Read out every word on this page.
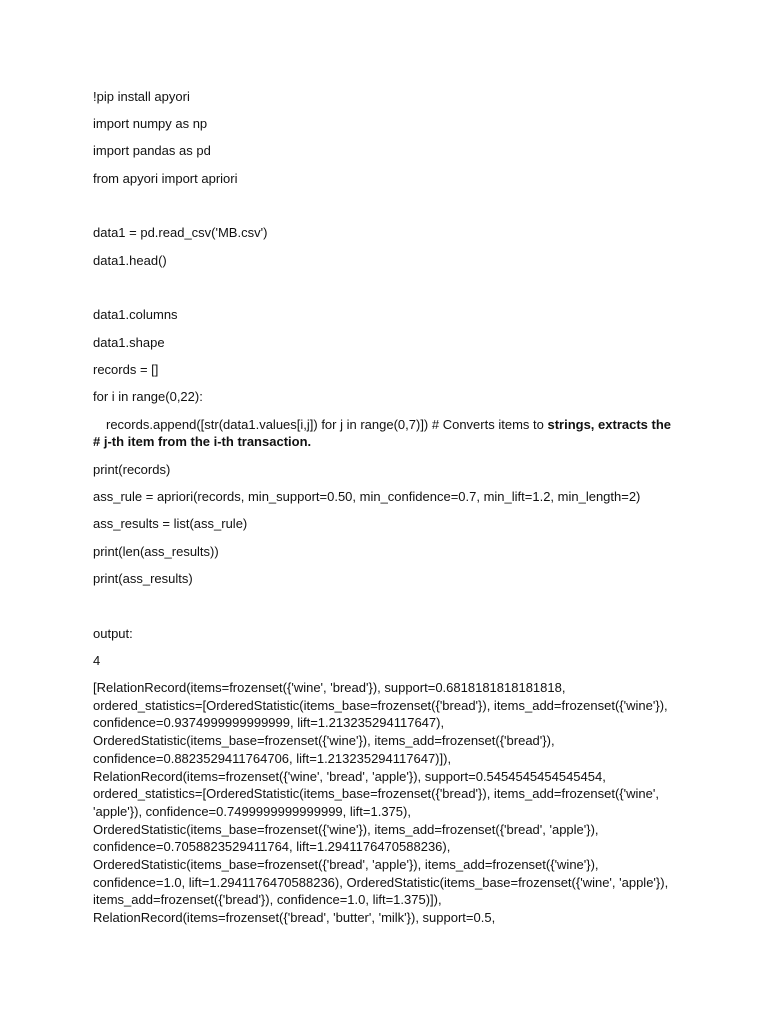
!pip install apyori
import numpy as np
import pandas as pd
from apyori import apriori
data1 = pd.read_csv('MB.csv')
data1.head()
data1.columns
data1.shape
records = []
for i in range(0,22):
records.append([str(data1.values[i,j]) for j in range(0,7)]) # Converts items to strings, extracts the
# j-th item from the i-th transaction.
print(records)
ass_rule = apriori(records, min_support=0.50, min_confidence=0.7, min_lift=1.2, min_length=2)
ass_results = list(ass_rule)
print(len(ass_results))
print(ass_results)
output:
4

[RelationRecord(items=frozenset({'wine', 'bread'}), support=0.6818181818181818,

ordered_statistics=[OrderedStatistic(items_base=frozenset({'bread'}), items_add=frozenset({'wine'}),

confidence=0.9374999999999999, lift=1.213235294117647),

OrderedStatistic(items_base=frozenset({'wine'}), items_add=frozenset({'bread'}),

confidence=0.8823529411764706, lift=1.213235294117647)]),

RelationRecord(items=frozenset({'wine', 'bread', 'apple'}), support=0.5454545454545454,

ordered_statistics=[OrderedStatistic(items_base=frozenset({'bread'}), items_add=frozenset({'wine',

'apple'}), confidence=0.7499999999999999, lift=1.375),

OrderedStatistic(items_base=frozenset({'wine'}), items_add=frozenset({'bread', 'apple'}),

confidence=0.7058823529411764, lift=1.2941176470588236),

OrderedStatistic(items_base=frozenset({'bread', 'apple'}), items_add=frozenset({'wine'}),

confidence=1.0, lift=1.2941176470588236), OrderedStatistic(items_base=frozenset({'wine', 'apple'}),

items_add=frozenset({'bread'}), confidence=1.0, lift=1.375)]),

RelationRecord(items=frozenset({'bread', 'butter', 'milk'}), support=0.5,
